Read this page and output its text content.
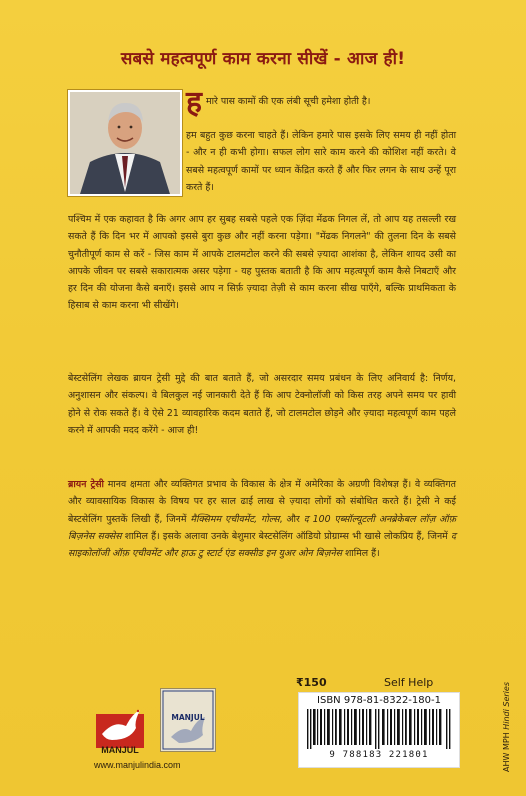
सबसे महत्वपूर्ण काम करना सीखें - आज ही!
ह मारे पास कामों की एक लंबी सूची हमेशा होती है।
हम बहुत कुछ करना चाहते हैं। लेकिन हमारे पास इसके लिए समय ही नहीं होता - और न ही कभी होगा। सफल लोग सारे काम करने की कोशिश नहीं करते। वे सबसे महत्वपूर्ण कामों पर ध्यान केंद्रित करते हैं और फिर लगन के साथ उन्हें पूरा करते हैं।
पश्चिम में एक कहावत है कि अगर आप हर सुबह सबसे पहले एक ज़िंदा मेंढक निगल लें, तो आप यह तसल्ली रख सकते हैं कि दिन भर में आपको इससे बुरा कुछ और नहीं करना पड़ेगा। "मेंढक निगलने" की तुलना दिन के सबसे चुनौतीपूर्ण काम से करें - जिस काम में आपके टालमटोल करने की सबसे ज़्यादा आशंका है, लेकिन शायद उसी का आपके जीवन पर सबसे सकारात्मक असर पड़ेगा - यह पुस्तक बताती है कि आप महत्वपूर्ण काम कैसे निबटाएँ और हर दिन की योजना कैसे बनाएँ। इससे आप न सिर्फ़ ज़्यादा तेज़ी से काम करना सीख पाएँगे, बल्कि प्राथमिकता के हिसाब से काम करना भी सीखेंगे।
बेस्टसेलिंग लेखक ब्रायन ट्रेसी मुद्दे की बात बताते हैं, जो असरदार समय प्रबंधन के लिए अनिवार्य है: निर्णय, अनुशासन और संकल्प। वे बिलकुल नई जानकारी देते हैं कि आप टेक्नोलॉजी को किस तरह अपने समय पर हावी होने से रोक सकते हैं। वे ऐसे 21 व्यावहारिक कदम बताते हैं, जो टालमटोल छोड़ने और ज़्यादा महत्वपूर्ण काम पहले करने में आपकी मदद करेंगे - आज ही!
ब्रायन ट्रेसी मानव क्षमता और व्यक्तिगत प्रभाव के विकास के क्षेत्र में अमेरिका के अग्रणी विशेषज्ञ हैं। वे व्यक्तिगत और व्यावसायिक विकास के विषय पर हर साल ढाई लाख से ज़्यादा लोगों को संबोधित करते हैं। ट्रेसी ने कई बेस्टसेलिंग पुस्तकें लिखी हैं, जिनमें मैक्सिमम एचीवमेंट, गोल्स, और द 100 एब्सॉल्यूटली अनब्रेकेबल लॉज़ ऑफ़ बिज़नेस सक्सेस शामिल हैं। इसके अलावा उनके बेशुमार बेस्टसेलिंग ऑडियो प्रोग्राम्स भी खासे लोकप्रिय हैं, जिनमें द साइकोलॉजी ऑफ़ एचीवमेंट और हाऊ टु स्टार्ट एंड सक्सीड इन युअर ओन बिज़नेस शामिल हैं।
₹150	Self Help
ISBN 978-81-8322-180-1
9 788183 221801
MANJUL
MANJUL
www.manjulindia.com	AHW MPH Hindi Series
